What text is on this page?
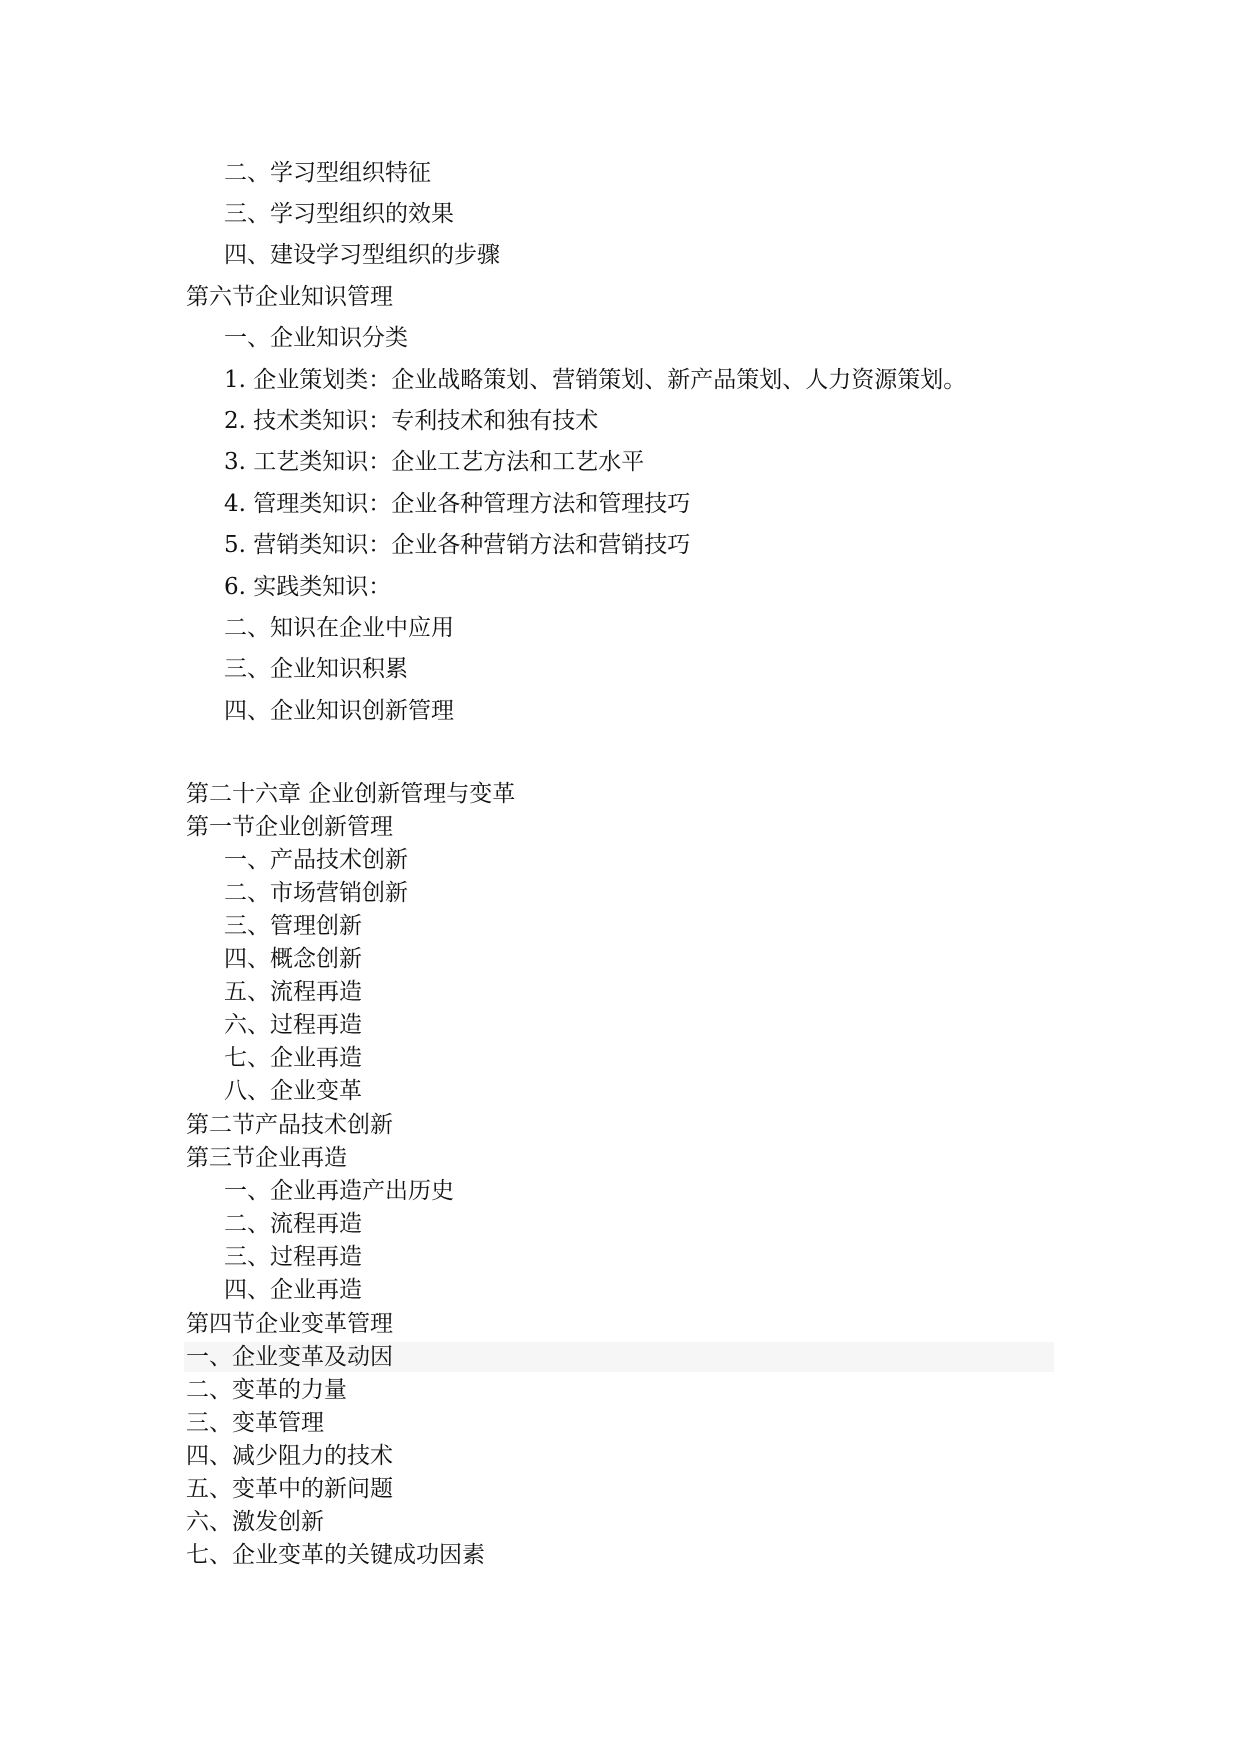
二、学习型组织特征
三、学习型组织的效果
四、建设学习型组织的步骤
第六节企业知识管理
一、企业知识分类
1. 企业策划类：企业战略策划、营销策划、新产品策划、人力资源策划。
2. 技术类知识：专利技术和独有技术
3. 工艺类知识：企业工艺方法和工艺水平
4. 管理类知识：企业各种管理方法和管理技巧
5. 营销类知识：企业各种营销方法和营销技巧
6. 实践类知识：
二、知识在企业中应用
三、企业知识积累
四、企业知识创新管理
第二十六章 企业创新管理与变革
第一节企业创新管理
一、产品技术创新
二、市场营销创新
三、管理创新
四、概念创新
五、流程再造
六、过程再造
七、企业再造
八、企业变革
第二节产品技术创新
第三节企业再造
一、企业再造产出历史
二、流程再造
三、过程再造
四、企业再造
第四节企业变革管理
一、企业变革及动因
二、变革的力量
三、变革管理
四、减少阻力的技术
五、变革中的新问题
六、激发创新
七、企业变革的关键成功因素
